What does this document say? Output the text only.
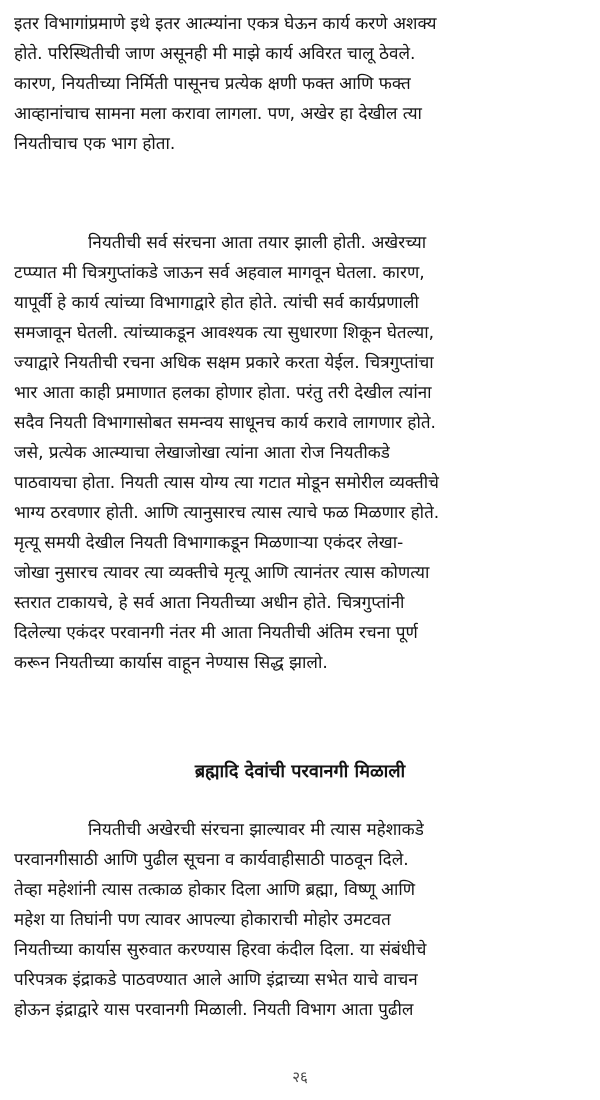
इतर विभागांप्रमाणे इथे इतर आत्म्यांना एकत्र घेऊन कार्य करणे अशक्य
होते. परिस्थितीची जाण असूनही मी माझे कार्य अविरत चालू ठेवले.
कारण, नियतीच्या निर्मिती पासूनच प्रत्येक क्षणी फक्त आणि फक्त
आव्हानांचाच सामना मला करावा लागला. पण, अखेर हा देखील त्या
नियतीचाच एक भाग होता.
नियतीची सर्व संरचना आता तयार झाली होती. अखेरच्या
टप्प्यात मी चित्रगुप्तांकडे जाऊन सर्व अहवाल मागवून घेतला. कारण,
यापूर्वी हे कार्य त्यांच्या विभागाद्वारे होत होते. त्यांची सर्व कार्यप्रणाली
समजावून घेतली. त्यांच्याकडून आवश्यक त्या सुधारणा शिकून घेतल्या,
ज्याद्वारे नियतीची रचना अधिक सक्षम प्रकारे करता येईल. चित्रगुप्तांचा
भार आता काही प्रमाणात हलका होणार होता. परंतु तरी देखील त्यांना
सदैव नियती विभागासोबत समन्वय साधूनच कार्य करावे लागणार होते.
जसे, प्रत्येक आत्म्याचा लेखाजोखा त्यांना आता रोज नियतीकडे
पाठवायचा होता. नियती त्यास योग्य त्या गटात मोडून समोरील व्यक्तीचे
भाग्य ठरवणार होती. आणि त्यानुसारच त्यास त्याचे फळ मिळणार होते.
मृत्यू समयी देखील नियती विभागाकडून मिळणाऱ्या एकंदर लेखा-
जोखा नुसारच त्यावर त्या व्यक्तीचे मृत्यू आणि त्यानंतर त्यास कोणत्या
स्तरात टाकायचे, हे सर्व आता नियतीच्या अधीन होते. चित्रगुप्तांनी
दिलेल्या एकंदर परवानगी नंतर मी आता नियतीची अंतिम रचना पूर्ण
करून नियतीच्या कार्यास वाहून नेण्यास सिद्ध झालो.
ब्रह्मादि देवांची परवानगी मिळाली
नियतीची अखेरची संरचना झाल्यावर मी त्यास महेशाकडे
परवानगीसाठी आणि पुढील सूचना व कार्यवाहीसाठी पाठवून दिले.
तेव्हा महेशांनी त्यास तत्काळ होकार दिला आणि ब्रह्मा, विष्णू आणि
महेश या तिघांनी पण त्यावर आपल्या होकाराची मोहोर उमटवत
नियतीच्या कार्यास सुरुवात करण्यास हिरवा कंदील दिला. या संबंधीचे
परिपत्रक इंद्राकडे पाठवण्यात आले आणि इंद्राच्या सभेत याचे वाचन
होऊन इंद्राद्वारे यास परवानगी मिळाली. नियती विभाग आता पुढील
२६
